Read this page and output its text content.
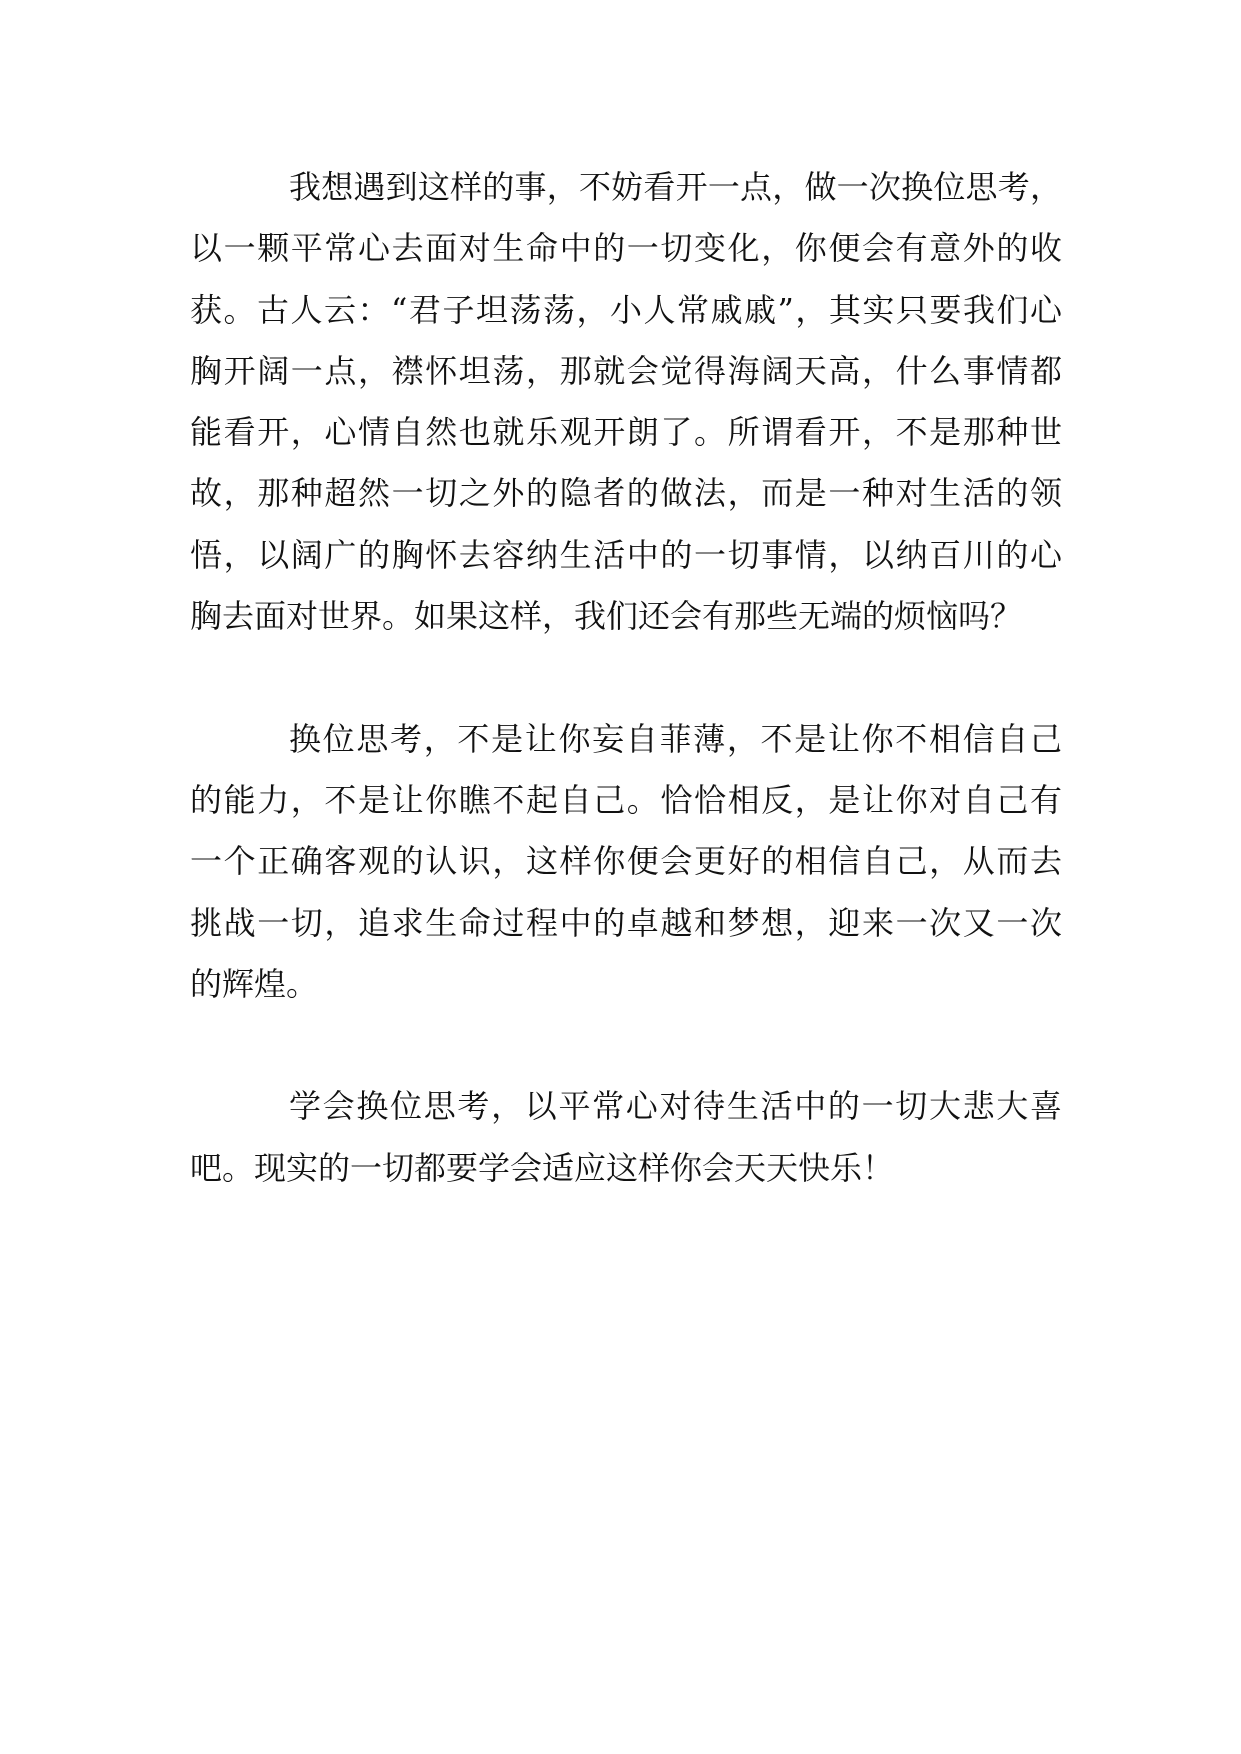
我想遇到这样的事，不妨看开一点，做一次换位思考，
以一颗平常心去面对生命中的一切变化，你便会有意外的收
获。古人云：“君子坦荡荡，小人常戚戚”，其实只要我们心
胸开阔一点，襟怀坦荡，那就会觉得海阔天高，什么事情都
能看开，心情自然也就乐观开朗了。所谓看开，不是那种世
故，那种超然一切之外的隐者的做法，而是一种对生活的领
悟，以阔广的胸怀去容纳生活中的一切事情，以纳百川的心
胸去面对世界。如果这样，我们还会有那些无端的烦恼吗？
换位思考，不是让你妄自菲薄，不是让你不相信自己
的能力，不是让你瞧不起自己。恰恰相反，是让你对自己有
一个正确客观的认识，这样你便会更好的相信自己，从而去
挑战一切，追求生命过程中的卓越和梦想，迎来一次又一次
的辉煌。
学会换位思考，以平常心对待生活中的一切大悲大喜
吧。现实的一切都要学会适应这样你会天天快乐！
